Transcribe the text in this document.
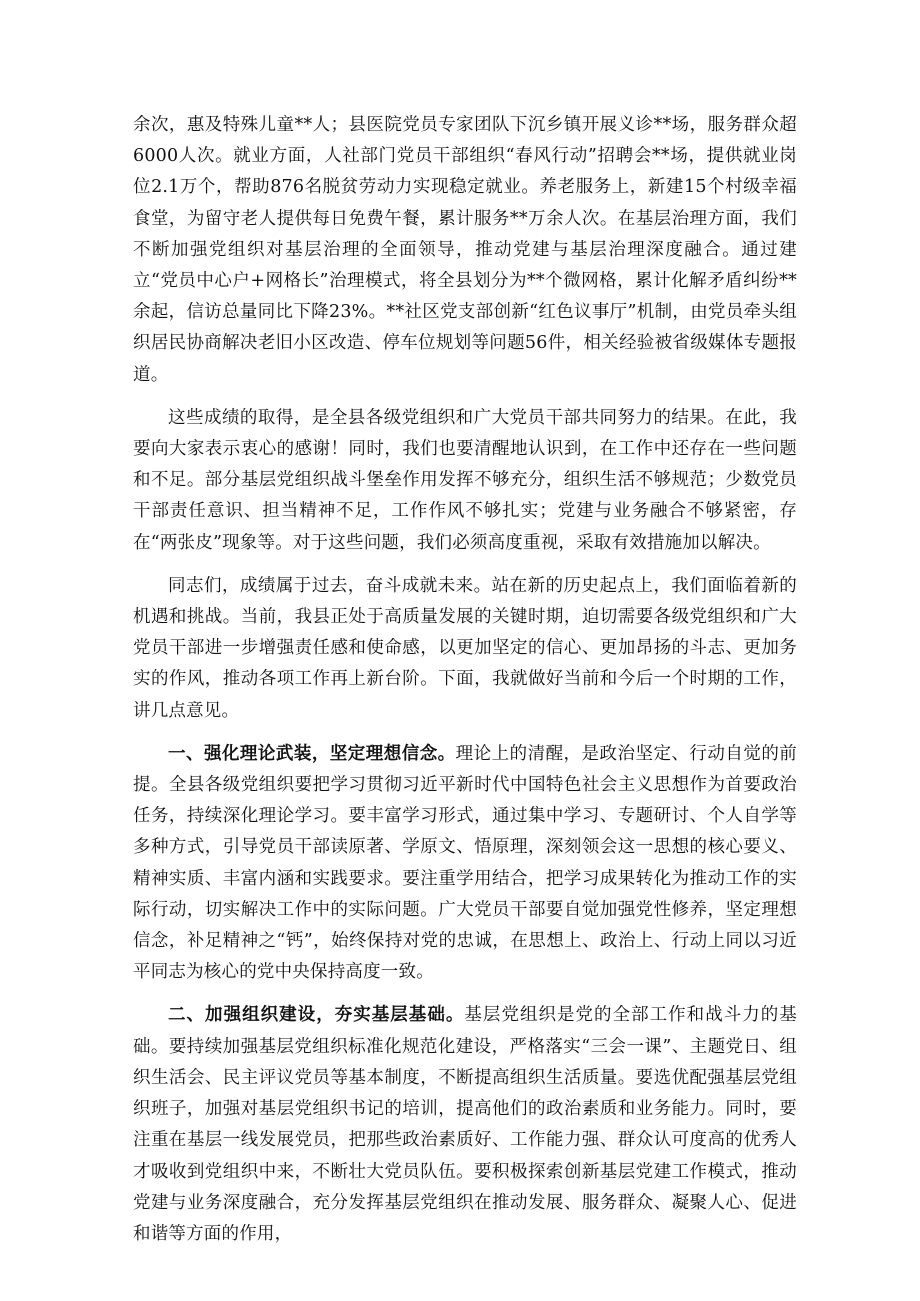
余次，惠及特殊儿童**人；县医院党员专家团队下沉乡镇开展义诊**场，服务群众超6000人次。就业方面，人社部门党员干部组织“春风行动”招聘会**场，提供就业岗位2.1万个，帮助876名脱贫劳动力实现稳定就业。养老服务上，新建15个村级幸福食堂，为留守老人提供每日免费午餐，累计服务**万余人次。在基层治理方面，我们不断加强党组织对基层治理的全面领导，推动党建与基层治理深度融合。通过建立“党员中心户+网格长”治理模式，将全县划分为**个微网格，累计化解矛盾纠纷**余起，信访总量同比下降23%。**社区党支部创新“红色议事厅”机制，由党员牵头组织居民协商解决老旧小区改造、停车位规划等问题56件，相关经验被省级媒体专题报道。

这些成绩的取得，是全县各级党组织和广大党员干部共同努力的结果。在此，我要向大家表示衷心的感谢！同时，我们也要清醒地认识到，在工作中还存在一些问题和不足。部分基层党组织战斗堡垒作用发挥不够充分，组织生活不够规范；少数党员干部责任意识、担当精神不足，工作作风不够扎实；党建与业务融合不够紧密，存在“两张皮”现象等。对于这些问题，我们必须高度重视，采取有效措施加以解决。

同志们，成绩属于过去，奋斗成就未来。站在新的历史起点上，我们面临着新的机遇和挑战。当前，我县正处于高质量发展的关键时期，迫切需要各级党组织和广大党员干部进一步增强责任感和使命感，以更加坚定的信心、更加昂扬的斗志、更加务实的作风，推动各项工作再上新台阶。下面，我就做好当前和今后一个时期的工作，讲几点意见。

一、强化理论武装，坚定理想信念。理论上的清醒，是政治坚定、行动自觉的前提。全县各级党组织要把学习贯彻习近平新时代中国特色社会主义思想作为首要政治任务，持续深化理论学习。要丰富学习形式，通过集中学习、专题研讨、个人自学等多种方式，引导党员干部读原著、学原文、悟原理，深刻领会这一思想的核心要义、精神实质、丰富内涵和实践要求。要注重学用结合，把学习成果转化为推动工作的实际行动，切实解决工作中的实际问题。广大党员干部要自觉加强党性修养，坚定理想信念，补足精神之“钙”，始终保持对党的忠诚，在思想上、政治上、行动上同以习近平同志为核心的党中央保持高度一致。

二、加强组织建设，夯实基层基础。基层党组织是党的全部工作和战斗力的基础。要持续加强基层党组织标准化规范化建设，严格落实“三会一课”、主题党日、组织生活会、民主评议党员等基本制度，不断提高组织生活质量。要选优配强基层党组织班子，加强对基层党组织书记的培训，提高他们的政治素质和业务能力。同时，要注重在基层一线发展党员，把那些政治素质好、工作能力强、群众认可度高的优秀人才吸收到党组织中来，不断壮大党员队伍。要积极探索创新基层党建工作模式，推动党建与业务深度融合，充分发挥基层党组织在推动发展、服务群众、凝聚人心、促进和谐等方面的作用，
